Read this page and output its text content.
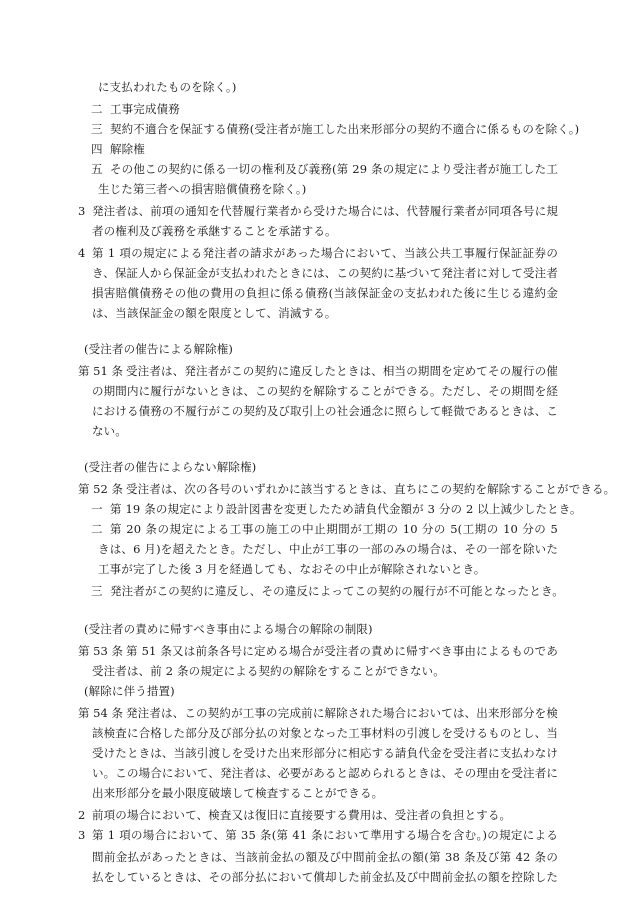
に支払われたものを除く。)
二 工事完成債務
三 契約不適合を保証する債務(受注者が施工した出来形部分の契約不適合に係るものを除く。)
四 解除権
五 その他この契約に係る一切の権利及び義務(第 29 条の規定により受注者が施工した工
生じた第三者への損害賠償債務を除く。)
3 発注者は、前項の通知を代替履行業者から受けた場合には、代替履行業者が同項各号に規
者の権利及び義務を承継することを承諾する。
4 第 1 項の規定による発注者の請求があった場合において、当該公共工事履行保証証券の
き、保証人から保証金が支払われたときには、この契約に基づいて発注者に対して受注者
損害賠償債務その他の費用の負担に係る債務(当該保証金の支払われた後に生じる違約金
は、当該保証金の額を限度として、消滅する。
(受注者の催告による解除権)
第 51 条 受注者は、発注者がこの契約に違反したときは、相当の期間を定めてその履行の催
の期間内に履行がないときは、この契約を解除することができる。ただし、その期間を経
における債務の不履行がこの契約及び取引上の社会通念に照らして軽微であるときは、こ
ない。
(受注者の催告によらない解除権)
第 52 条 受注者は、次の各号のいずれかに該当するときは、直ちにこの契約を解除することができる。
一 第 19 条の規定により設計図書を変更したため請負代金額が 3 分の 2 以上減少したとき。
二 第 20 条の規定による工事の施工の中止期間が工期の 10 分の 5(工期の 10 分の 5
きは、6 月)を超えたとき。ただし、中止が工事の一部のみの場合は、その一部を除いた
工事が完了した後 3 月を経過しても、なおその中止が解除されないとき。
三 発注者がこの契約に違反し、その違反によってこの契約の履行が不可能となったとき。
(受注者の責めに帰すべき事由による場合の解除の制限)
第 53 条 第 51 条又は前条各号に定める場合が受注者の責めに帰すべき事由によるものであ
受注者は、前 2 条の規定による契約の解除をすることができない。
(解除に伴う措置)
第 54 条 発注者は、この契約が工事の完成前に解除された場合においては、出来形部分を検
該検査に合格した部分及び部分払の対象となった工事材料の引渡しを受けるものとし、当
受けたときは、当該引渡しを受けた出来形部分に相応する請負代金を受注者に支払わなけ
い。この場合において、発注者は、必要があると認められるときは、その理由を受注者に
出来形部分を最小限度破壊して検査することができる。
2 前項の場合において、検査又は復旧に直接要する費用は、受注者の負担とする。
3 第 1 項の場合において、第 35 条(第 41 条において準用する場合を含む。)の規定による
間前金払があったときは、当該前金払の額及び中間前金払の額(第 38 条及び第 42 条の
払をしているときは、その部分払において償却した前金払及び中間前金払の額を控除した
